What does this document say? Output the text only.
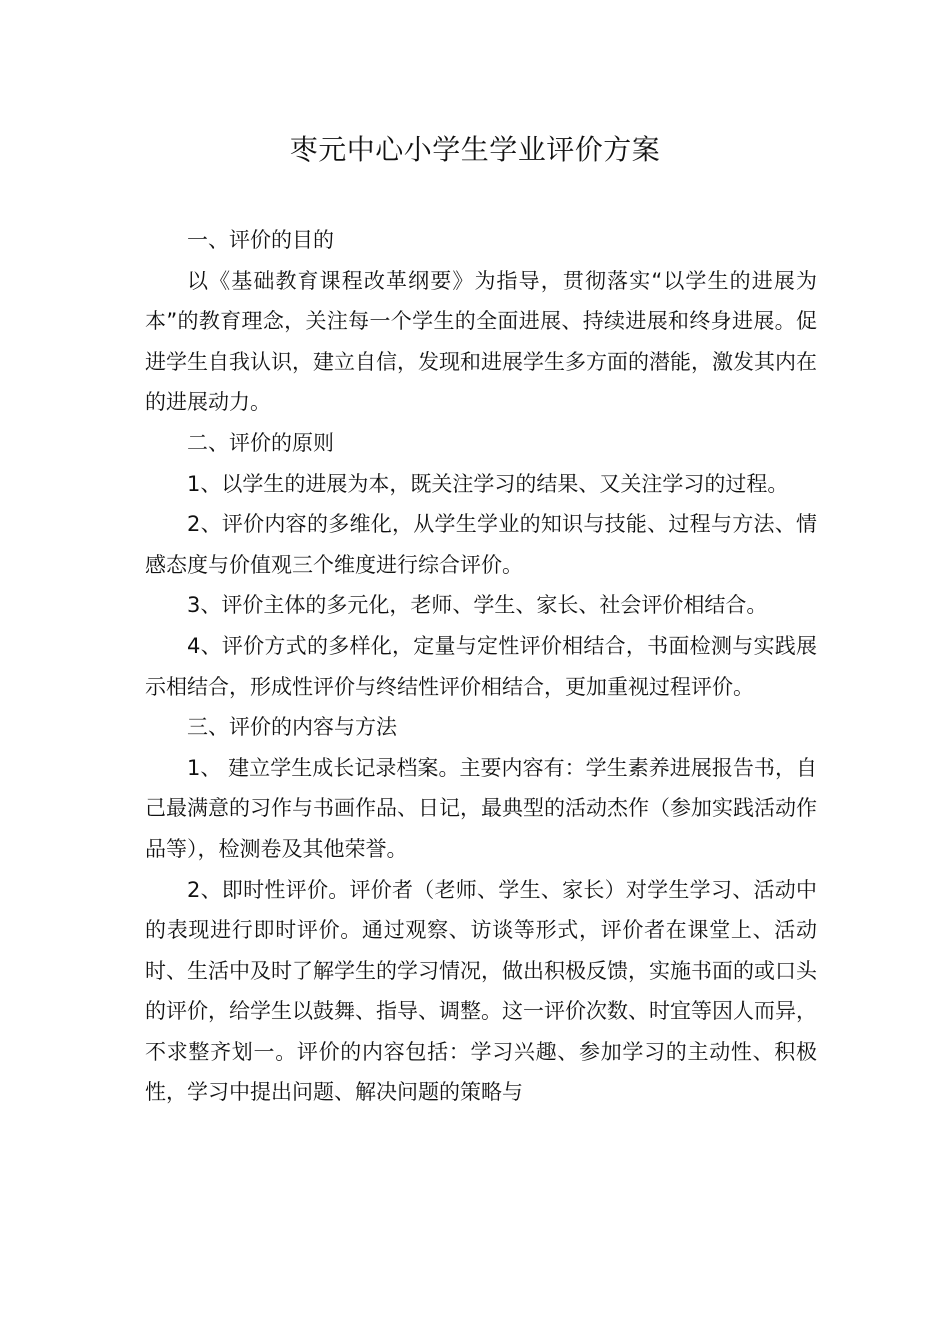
枣元中心小学生学业评价方案

一、评价的目的

以《基础教育课程改革纲要》为指导，贯彻落实“以学生的进展为本”的教育理念，关注每一个学生的全面进展、持续进展和终身进展。促进学生自我认识，建立自信，发现和进展学生多方面的潜能，激发其内在的进展动力。

二、评价的原则

1、以学生的进展为本，既关注学习的结果、又关注学习的过程。

2、评价内容的多维化，从学生学业的知识与技能、过程与方法、情感态度与价值观三个维度进行综合评价。

3、评价主体的多元化，老师、学生、家长、社会评价相结合。

4、评价方式的多样化，定量与定性评价相结合，书面检测与实践展示相结合，形成性评价与终结性评价相结合，更加重视过程评价。

三、评价的内容与方法

1、 建立学生成长记录档案。主要内容有：学生素养进展报告书，自己最满意的习作与书画作品、日记，最典型的活动杰作（参加实践活动作品等），检测卷及其他荣誉。

2、即时性评价。评价者（老师、学生、家长）对学生学习、活动中的表现进行即时评价。通过观察、访谈等形式，评价者在课堂上、活动时、生活中及时了解学生的学习情况，做出积极反馈，实施书面的或口头的评价，给学生以鼓舞、指导、调整。这一评价次数、时宜等因人而异，不求整齐划一。评价的内容包括：学习兴趣、参加学习的主动性、积极性，学习中提出问题、解决问题的策略与
